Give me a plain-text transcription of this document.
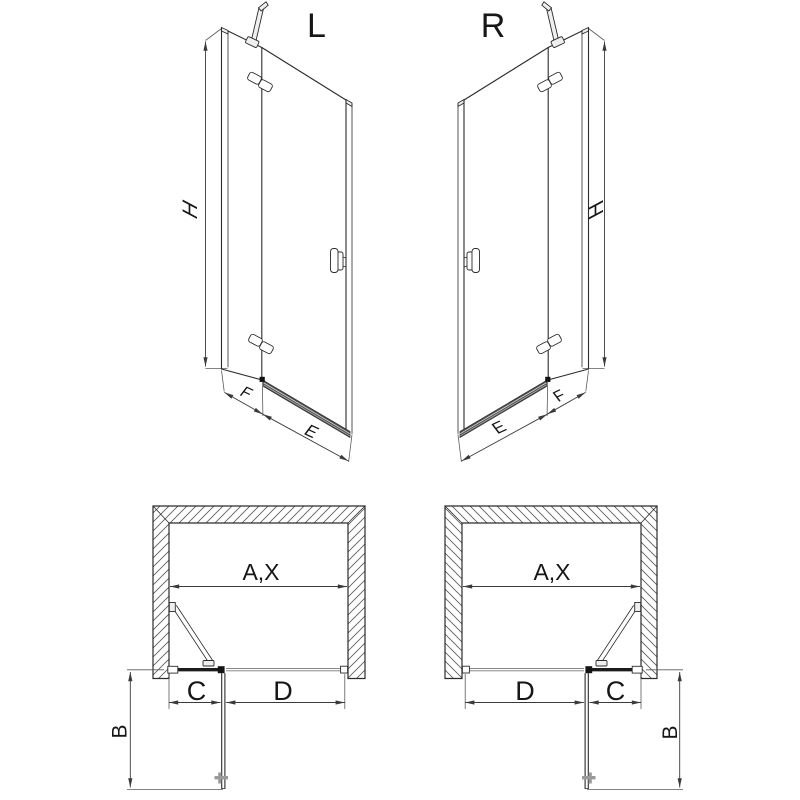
L
H
F
E
R
H
F
E
A,X
C D
B
A,X
D	C
B
